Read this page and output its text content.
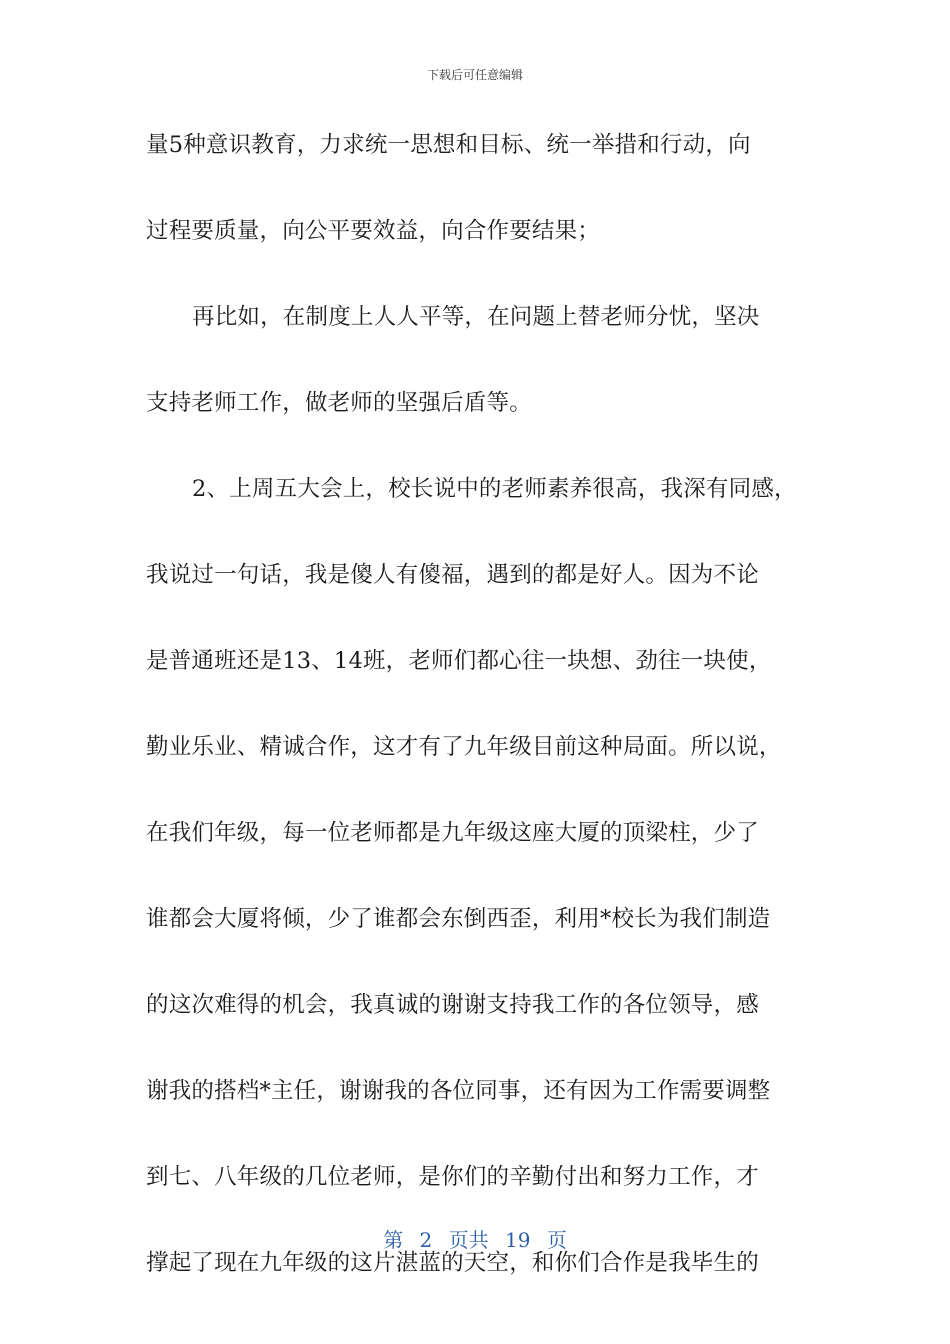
下载后可任意编辑
量5种意识教育，力求统一思想和目标、统一举措和行动，向
过程要质量，向公平要效益，向合作要结果；
再比如，在制度上人人平等，在问题上替老师分忧，坚决
支持老师工作，做老师的坚强后盾等。
2、上周五大会上，校长说中的老师素养很高，我深有同感，
我说过一句话，我是傻人有傻福，遇到的都是好人。因为不论
是普通班还是13、14班，老师们都心往一块想、劲往一块使，
勤业乐业、精诚合作，这才有了九年级目前这种局面。所以说，
在我们年级，每一位老师都是九年级这座大厦的顶梁柱，少了
谁都会大厦将倾，少了谁都会东倒西歪，利用*校长为我们制造
的这次难得的机会，我真诚的谢谢支持我工作的各位领导，感
谢我的搭档*主任，谢谢我的各位同事，还有因为工作需要调整
到七、八年级的几位老师，是你们的辛勤付出和努力工作，才
撑起了现在九年级的这片湛蓝的天空，和你们合作是我毕生的
第 2 页共 19 页
